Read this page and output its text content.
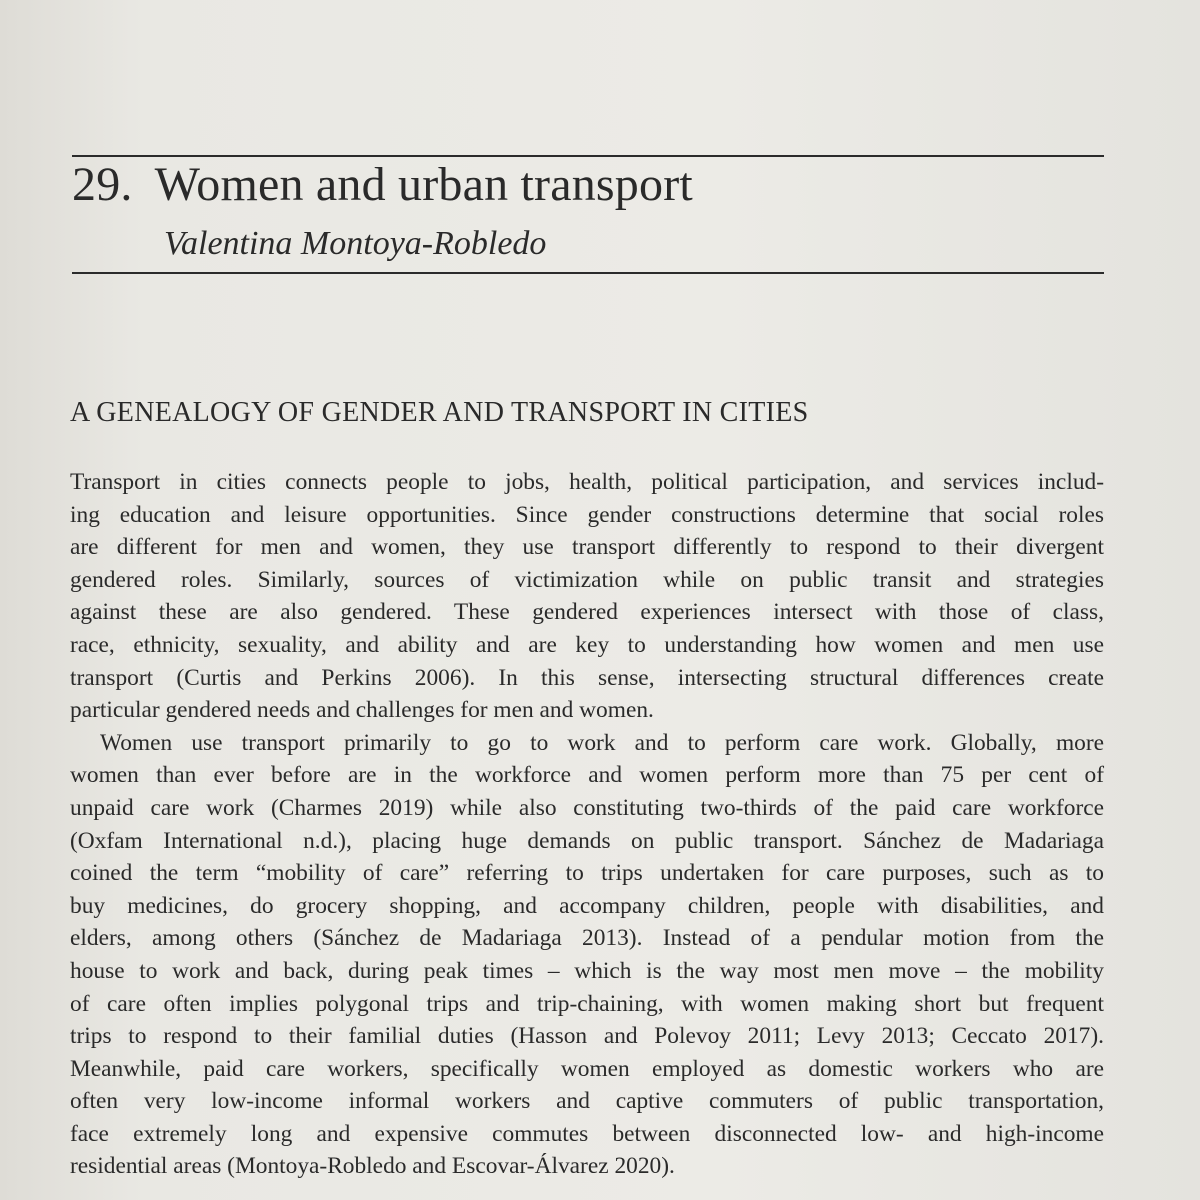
29. Women and urban transport
Valentina Montoya-Robledo
A GENEALOGY OF GENDER AND TRANSPORT IN CITIES
Transport in cities connects people to jobs, health, political participation, and services includ-
ing education and leisure opportunities. Since gender constructions determine that social roles
are different for men and women, they use transport differently to respond to their divergent
gendered roles. Similarly, sources of victimization while on public transit and strategies
against these are also gendered. These gendered experiences intersect with those of class,
race, ethnicity, sexuality, and ability and are key to understanding how women and men use
transport (Curtis and Perkins 2006). In this sense, intersecting structural differences create
particular gendered needs and challenges for men and women.
Women use transport primarily to go to work and to perform care work. Globally, more
women than ever before are in the workforce and women perform more than 75 per cent of
unpaid care work (Charmes 2019) while also constituting two-thirds of the paid care workforce
(Oxfam International n.d.), placing huge demands on public transport. Sánchez de Madariaga
coined the term “mobility of care” referring to trips undertaken for care purposes, such as to
buy medicines, do grocery shopping, and accompany children, people with disabilities, and
elders, among others (Sánchez de Madariaga 2013). Instead of a pendular motion from the
house to work and back, during peak times – which is the way most men move – the mobility
of care often implies polygonal trips and trip-chaining, with women making short but frequent
trips to respond to their familial duties (Hasson and Polevoy 2011; Levy 2013; Ceccato 2017).
Meanwhile, paid care workers, specifically women employed as domestic workers who are
often very low-income informal workers and captive commuters of public transportation,
face extremely long and expensive commutes between disconnected low- and high-income
residential areas (Montoya-Robledo and Escovar-Álvarez 2020).
